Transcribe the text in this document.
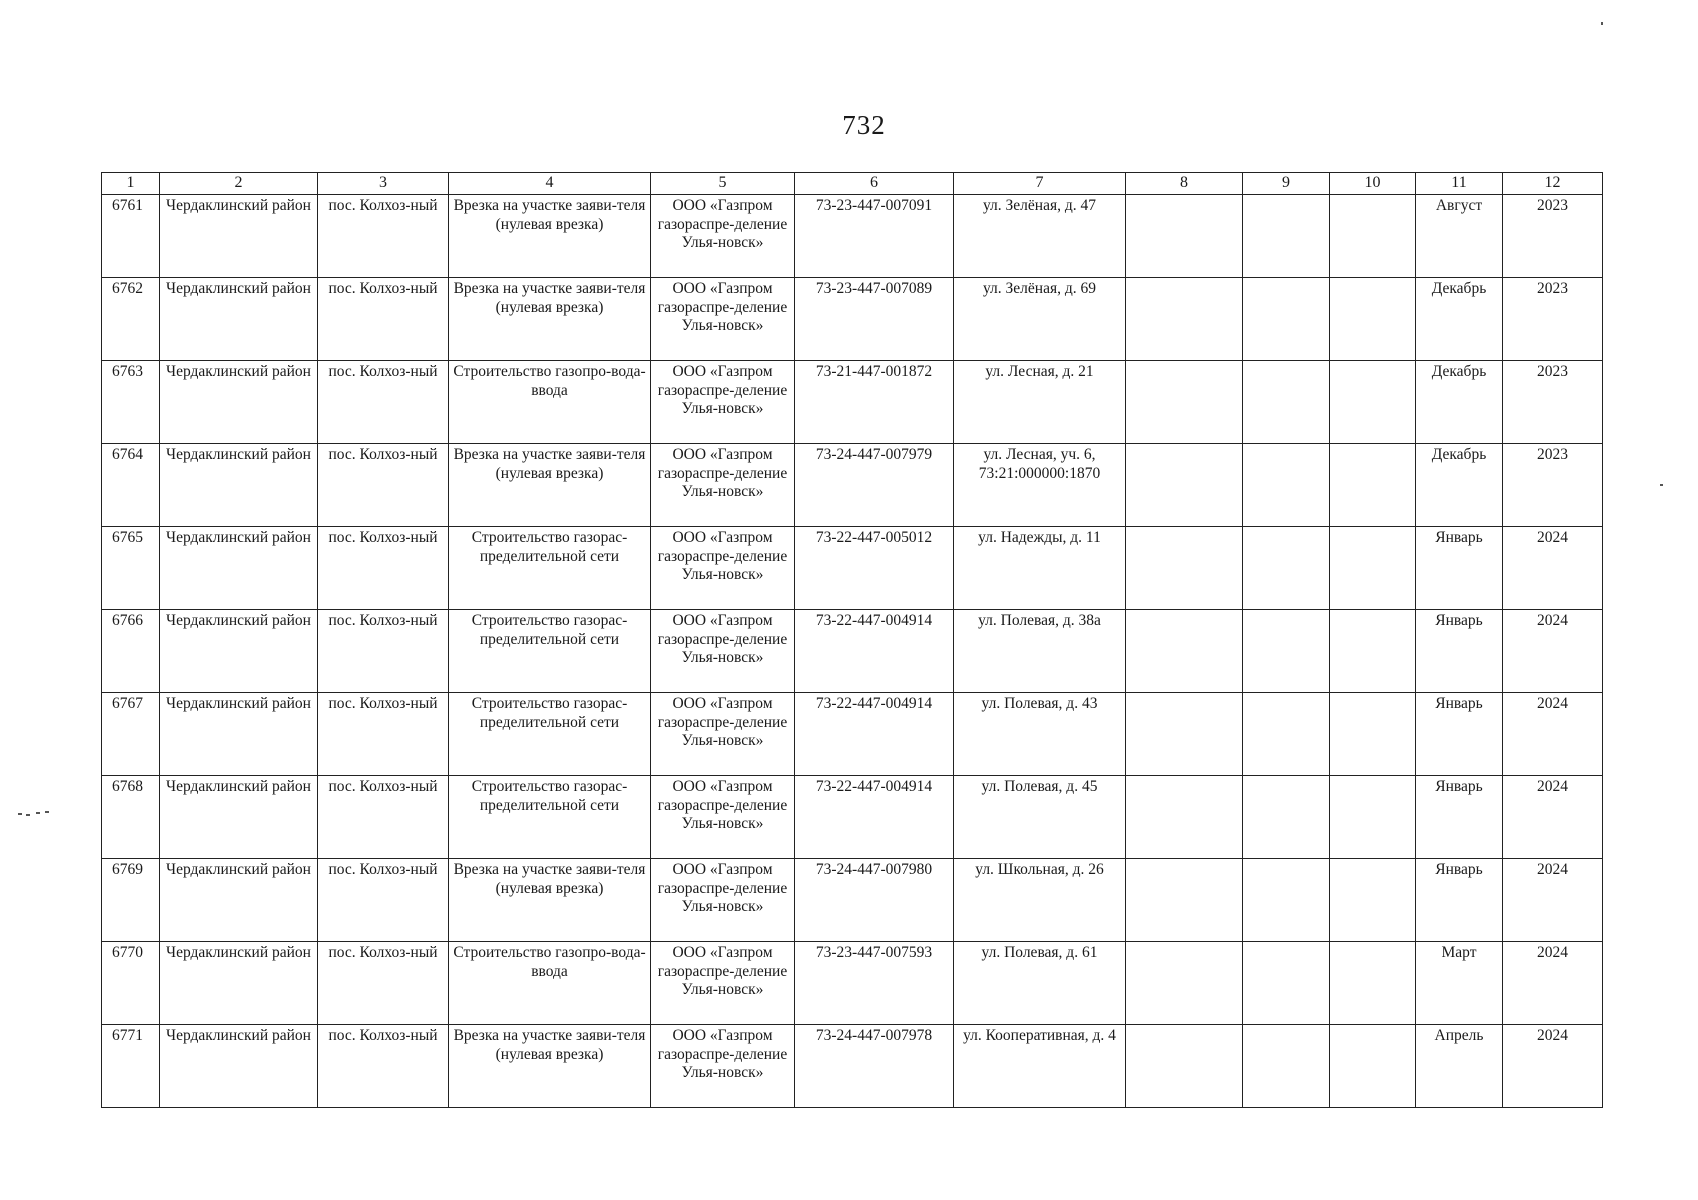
732
1	2	3	4	5	6	7	8	9	10	11	12
6761	Чердаклинский район	пос. Колхоз-ный	Врезка на участке заяви-теля (нулевая врезка)	ООО «Газпром газораспре-деление Улья-новск»	73-23-447-007091	ул. Зелёная, д. 47				Август	2023
6762	Чердаклинский район	пос. Колхоз-ный	Врезка на участке заяви-теля (нулевая врезка)	ООО «Газпром газораспре-деление Улья-новск»	73-23-447-007089	ул. Зелёная, д. 69				Декабрь	2023
6763	Чердаклинский район	пос. Колхоз-ный	Строительство газопро-вода-ввода	ООО «Газпром газораспре-деление Улья-новск»	73-21-447-001872	ул. Лесная, д. 21				Декабрь	2023
6764	Чердаклинский район	пос. Колхоз-ный	Врезка на участке заяви-теля (нулевая врезка)	ООО «Газпром газораспре-деление Улья-новск»	73-24-447-007979	ул. Лесная, уч. 6, 73:21:000000:1870				Декабрь	2023
6765	Чердаклинский район	пос. Колхоз-ный	Строительство газорас-пределительной сети	ООО «Газпром газораспре-деление Улья-новск»	73-22-447-005012	ул. Надежды, д. 11				Январь	2024
6766	Чердаклинский район	пос. Колхоз-ный	Строительство газорас-пределительной сети	ООО «Газпром газораспре-деление Улья-новск»	73-22-447-004914	ул. Полевая, д. 38а				Январь	2024
6767	Чердаклинский район	пос. Колхоз-ный	Строительство газорас-пределительной сети	ООО «Газпром газораспре-деление Улья-новск»	73-22-447-004914	ул. Полевая, д. 43				Январь	2024
6768	Чердаклинский район	пос. Колхоз-ный	Строительство газорас-пределительной сети	ООО «Газпром газораспре-деление Улья-новск»	73-22-447-004914	ул. Полевая, д. 45				Январь	2024
6769	Чердаклинский район	пос. Колхоз-ный	Врезка на участке заяви-теля (нулевая врезка)	ООО «Газпром газораспре-деление Улья-новск»	73-24-447-007980	ул. Школьная, д. 26				Январь	2024
6770	Чердаклинский район	пос. Колхоз-ный	Строительство газопро-вода-ввода	ООО «Газпром газораспре-деление Улья-новск»	73-23-447-007593	ул. Полевая, д. 61				Март	2024
6771	Чердаклинский район	пос. Колхоз-ный	Врезка на участке заяви-теля (нулевая врезка)	ООО «Газпром газораспре-деление Улья-новск»	73-24-447-007978	ул. Кооперативная, д. 4				Апрель	2024
